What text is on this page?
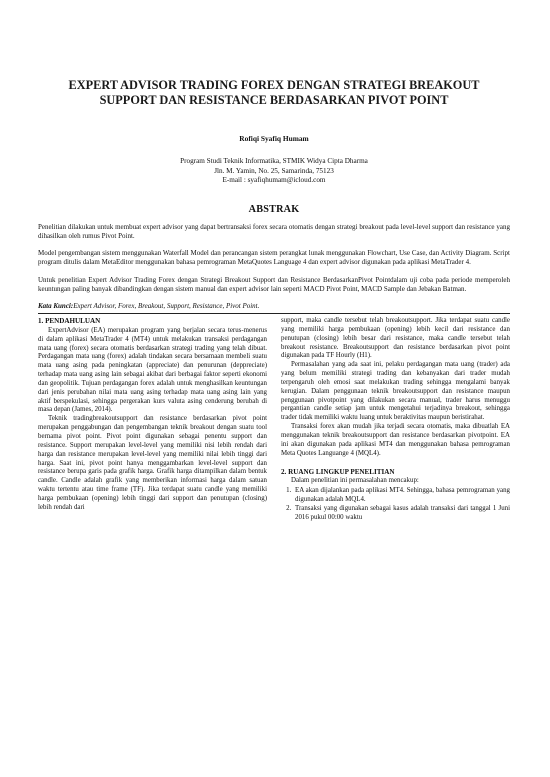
EXPERT ADVISOR TRADING FOREX DENGAN STRATEGI BREAKOUT
SUPPORT DAN RESISTANCE BERDASARKAN PIVOT POINT
Rofiqi Syafiq Humam
Program Studi Teknik Informatika, STMIK Widya Cipta Dharma
Jln. M. Yamin, No. 25, Samarinda, 75123
E-mail : syafiqhumam@icloud.com
ABSTRAK
Penelitian dilakukan untuk membuat expert advisor yang dapat bertransaksi forex secara otomatis dengan strategi breakout pada level-level support dan resistance yang dihasilkan oleh rumus Pivot Point.
Model pengembangan sistem menggunakan Waterfall Model dan perancangan sistem perangkat lunak menggunakan Flowchart, Use Case, dan Activity Diagram. Script program ditulis dalam MetaEditor menggunakan bahasa pemrograman MetaQuotes Language 4 dan expert advisor digunakan pada aplikasi MetaTrader 4.
Untuk penelitian Expert Advisor Trading Forex dengan Strategi Breakout Support dan Resistance BerdasarkanPivot Pointdalam uji coba pada periode memperoleh keuntungan paling banyak dibandingkan dengan sistem manual dan expert advisor lain seperti MACD Pivot Point, MACD Sample dan Jebakan Batman.
Kata Kunci:Expert Advisor, Forex, Breakout, Support, Resistance, Pivot Point.
1. PENDAHULUAN

ExpertAdvisor (EA) merupakan program yang berjalan secara terus-menerus di dalam aplikasi MetaTrader 4 (MT4) untuk melakukan transaksi perdagangan mata uang (forex) secara otomatis berdasarkan strategi trading yang telah dibuat. Perdagangan mata uang (forex) adalah tindakan secara bersamaan membeli suatu mata uang asing pada peningkatan (appreciate) dan penurunan (deppreciate) terhadap mata uang asing lain sebagai akibat dari berbagai faktor seperti ekonomi dan geopolitik. Tujuan perdagangan forex adalah untuk menghasilkan keuntungan dari jenis perubahan nilai mata uang asing terhadap mata uang asing lain yang aktif berspekulasi, sehingga pergerakan kurs valuta asing cenderung berubah di masa depan (James, 2014).

Teknik tradingbreakoutsupport dan resistance berdasarkan pivot point merupakan penggabungan dan pengembangan teknik breakout dengan suatu tool bernama pivot point. Pivot point digunakan sebagai penentu support dan resistance. Support merupakan level-level yang memiliki nisi lebih rendah dari harga dan resistance merupakan level-level yang memiliki nilai lebih tinggi dari harga. Saat ini, pivot point hanya menggambarkan level-level support dan resistance berupa garis pada grafik harga. Grafik harga ditampilkan dalam bentuk candle. Candle adalah grafik yang memberikan informasi harga dalam satuan waktu tertentu atau time frame (TF). Jika terdapat suatu candle yang memiliki harga pembukaan (opening) lebih tinggi dari support dan penutupan (closing) lebih rendah dari

support, maka candle tersebut telah breakoutsupport. Jika terdapat suatu candle yang memiliki harga pembukaan (opening) lebih kecil dari resistance dan penutupan (closing) lebih besar dari resistance, maka candle tersebut telah breakout resistance. Breakoutsupport dan resistance berdasarkan pivot point digunakan pada TF Hourly (H1).

Permasalahan yang ada saat ini, pelaku perdagangan mata uang (trader) ada yang belum memiliki strategi trading dan kebanyakan dari trader mudah terpengaruh oleh emosi saat melakukan trading sehingga mengalami banyak kerugian. Dalam penggunaan teknik breakoutsupport dan resistance maupun penggunaan pivotpoint yang dilakukan secara manual, trader harus menuggu pergantian candle setiap jam untuk mengetahui terjadinya breakout, sehingga trader tidak memiliki waktu luang untuk beraktivitas maupun beristirahat.

Transaksi forex akan mudah jika terjadi secara otomatis, maka dibuatlah EA menggunakan teknik breakoutsupport dan resistance berdasarkan pivotpoint. EA ini akan digunakan pada aplikasi MT4 dan menggunakan bahasa pemrograman Meta Quotes Languange 4 (MQL4).

2. RUANG LINGKUP PENELITIAN

Dalam penelitian ini permasalahan mencakup:

1. EA akan dijalankan pada aplikasi MT4. Sehingga, bahasa pemrograman yang digunakan adalah MQL4.
2. Transaksi yang digunakan sebagai kasus adalah transaksi dari tanggal 1 Juni 2016 pukul 00:00 waktu
